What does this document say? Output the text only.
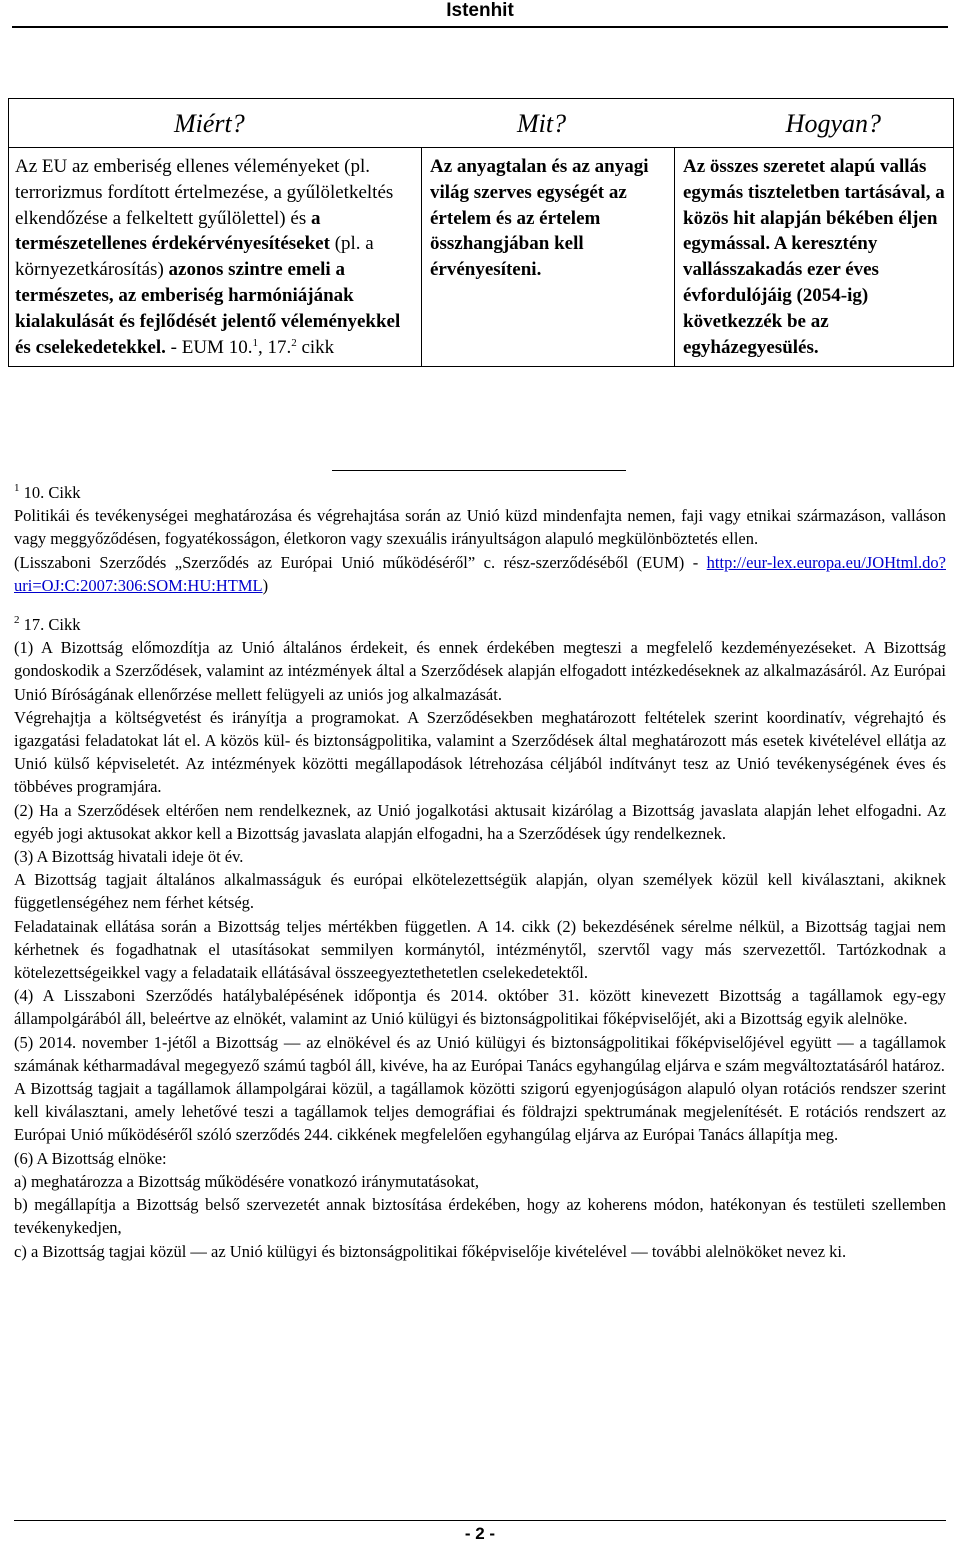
Istenhit
Miért?	Mit?	Hogyan?

Az EU az emberiség ellenes véleményeket (pl. terrorizmus fordított értelmezése, a gyűlöletkeltés elkendőzése a felkeltett gyűlölettel) és a természetellenes érdekérvényesítéseket (pl. a környezetkárosítás) azonos szintre emeli a természetes, az emberiség harmóniájának kialakulását és fejlődését jelentő véleményekkel és cselekedetekkel. - EUM 10.$^1$, 17.$^2$ cikk	Az anyagtalan és az anyagi világ szerves egységét az értelem és az értelem összhangjában kell érvényesíteni.	Az összes szeretet alapú vallás egymás tiszteletben tartásával, a közös hit alapján békében éljen egymással. A keresztény vallásszakadás ezer éves évfordulójáig (2054-ig) következzék be az egyházegyesülés.

$^1$ 10. Cikk

Politikái és tevékenységei meghatározása és végrehajtása során az Unió küzd mindenfajta nemen, faji vagy etnikai származáson, valláson vagy meggyőződésen, fogyatékosságon, életkoron vagy szexuális irányultságon alapuló megkülönböztetés ellen.

(Lisszaboni Szerződés „Szerződés az Európai Unió működéséről” c. rész-szerződéséből (EUM) - http://eur-lex.europa.eu/JOHtml.do?uri=OJ:C:2007:306:SOM:HU:HTML)

$^2$ 17. Cikk

(1) A Bizottság előmozdítja az Unió általános érdekeit, és ennek érdekében megteszi a megfelelő kezdeményezéseket. A Bizottság gondoskodik a Szerződések, valamint az intézmények által a Szerződések alapján elfogadott intézkedéseknek az alkalmazásáról. Az Európai Unió Bíróságának ellenőrzése mellett felügyeli az uniós jog alkalmazását.

Végrehajtja a költségvetést és irányítja a programokat. A Szerződésekben meghatározott feltételek szerint koordinatív, végrehajtó és igazgatási feladatokat lát el. A közös kül- és biztonságpolitika, valamint a Szerződések által meghatározott más esetek kivételével ellátja az Unió külső képviseletét. Az intézmények közötti megállapodások létrehozása céljából indítványt tesz az Unió tevékenységének éves és többéves programjára.

(2) Ha a Szerződések eltérően nem rendelkeznek, az Unió jogalkotási aktusait kizárólag a Bizottság javaslata alapján lehet elfogadni. Az egyéb jogi aktusokat akkor kell a Bizottság javaslata alapján elfogadni, ha a Szerződések úgy rendelkeznek.

(3) A Bizottság hivatali ideje öt év.

A Bizottság tagjait általános alkalmasságuk és európai elkötelezettségük alapján, olyan személyek közül kell kiválasztani, akiknek függetlenségéhez nem férhet kétség.

Feladatainak ellátása során a Bizottság teljes mértékben független. A 14. cikk (2) bekezdésének sérelme nélkül, a Bizottság tagjai nem kérhetnek és fogadhatnak el utasításokat semmilyen kormánytól, intézménytől, szervtől vagy más szervezettől. Tartózkodnak a kötelezettségeikkel vagy a feladataik ellátásával összeegyeztethetetlen cselekedetektől.

(4) A Lisszaboni Szerződés hatálybalépésének időpontja és 2014. október 31. között kinevezett Bizottság a tagállamok egy-egy állampolgárából áll, beleértve az elnökét, valamint az Unió külügyi és biztonságpolitikai főképviselőjét, aki a Bizottság egyik alelnöke.

(5) 2014. november 1-jétől a Bizottság — az elnökével és az Unió külügyi és biztonságpolitikai főképviselőjével együtt — a tagállamok számának kétharmadával megegyező számú tagból áll, kivéve, ha az Európai Tanács egyhangúlag eljárva e szám megváltoztatásáról határoz.

A Bizottság tagjait a tagállamok állampolgárai közül, a tagállamok közötti szigorú egyenjogúságon alapuló olyan rotációs rendszer szerint kell kiválasztani, amely lehetővé teszi a tagállamok teljes demográfiai és földrajzi spektrumának megjelenítését. E rotációs rendszert az Európai Unió működéséről szóló szerződés 244. cikkének megfelelően egyhangúlag eljárva az Európai Tanács állapítja meg.

(6) A Bizottság elnöke:

a) meghatározza a Bizottság működésére vonatkozó iránymutatásokat,

b) megállapítja a Bizottság belső szervezetét annak biztosítása érdekében, hogy az koherens módon, hatékonyan és testületi szellemben tevékenykedjen,

c) a Bizottság tagjai közül — az Unió külügyi és biztonságpolitikai főképviselője kivételével — további alelnököket nevez ki.

- 2 -
